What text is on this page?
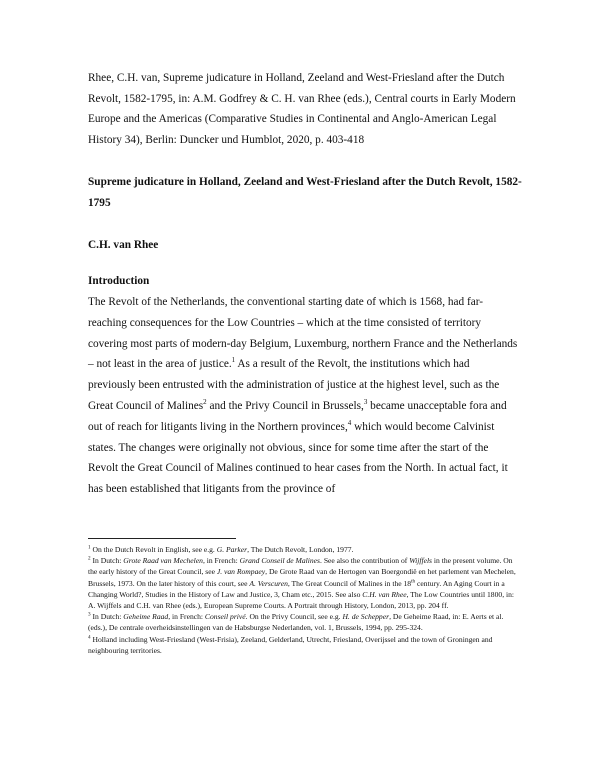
Rhee, C.H. van, Supreme judicature in Holland, Zeeland and West-Friesland after the Dutch Revolt, 1582-1795, in: A.M. Godfrey & C. H. van Rhee (eds.), Central courts in Early Modern Europe and the Americas (Comparative Studies in Continental and Anglo-American Legal History 34), Berlin: Duncker und Humblot, 2020, p. 403-418
Supreme judicature in Holland, Zeeland and West-Friesland after the Dutch Revolt, 1582-1795
C.H. van Rhee
Introduction
The Revolt of the Netherlands, the conventional starting date of which is 1568, had far-reaching consequences for the Low Countries – which at the time consisted of territory covering most parts of modern-day Belgium, Luxemburg, northern France and the Netherlands – not least in the area of justice.$^1$ As a result of the Revolt, the institutions which had previously been entrusted with the administration of justice at the highest level, such as the Great Council of Malines$^2$ and the Privy Council in Brussels,$^3$ became unacceptable fora and out of reach for litigants living in the Northern provinces,$^4$ which would become Calvinist states. The changes were originally not obvious, since for some time after the start of the Revolt the Great Council of Malines continued to hear cases from the North. In actual fact, it has been established that litigants from the province of

$^1$ On the Dutch Revolt in English, see e.g. G. Parker, The Dutch Revolt, London, 1977.

$^2$ In Dutch: Grote Raad van Mechelen, in French: Grand Conseil de Malines. See also the contribution of Wijffels in the present volume. On the early history of the Great Council, see J. van Rompaey, De Grote Raad van de Hertogen van Boergondië en het parlement van Mechelen, Brussels, 1973. On the later history of this court, see A. Verscuren, The Great Council of Malines in the 18th century. An Aging Court in a Changing World?, Studies in the History of Law and Justice, 3, Cham etc., 2015. See also C.H. van Rhee, The Low Countries until 1800, in: A. Wijffels and C.H. van Rhee (eds.), European Supreme Courts. A Portrait through History, London, 2013, pp. 204 ff.

$^3$ In Dutch: Geheime Raad, in French: Conseil privé. On the Privy Council, see e.g. H. de Schepper, De Geheime Raad, in: E. Aerts et al. (eds.), De centrale overheidsinstellingen van de Habsburgse Nederlanden, vol. 1, Brussels, 1994, pp. 295-324.

$^4$ Holland including West-Friesland (West-Frisia), Zeeland, Gelderland, Utrecht, Friesland, Overijssel and the town of Groningen and neighbouring territories.
